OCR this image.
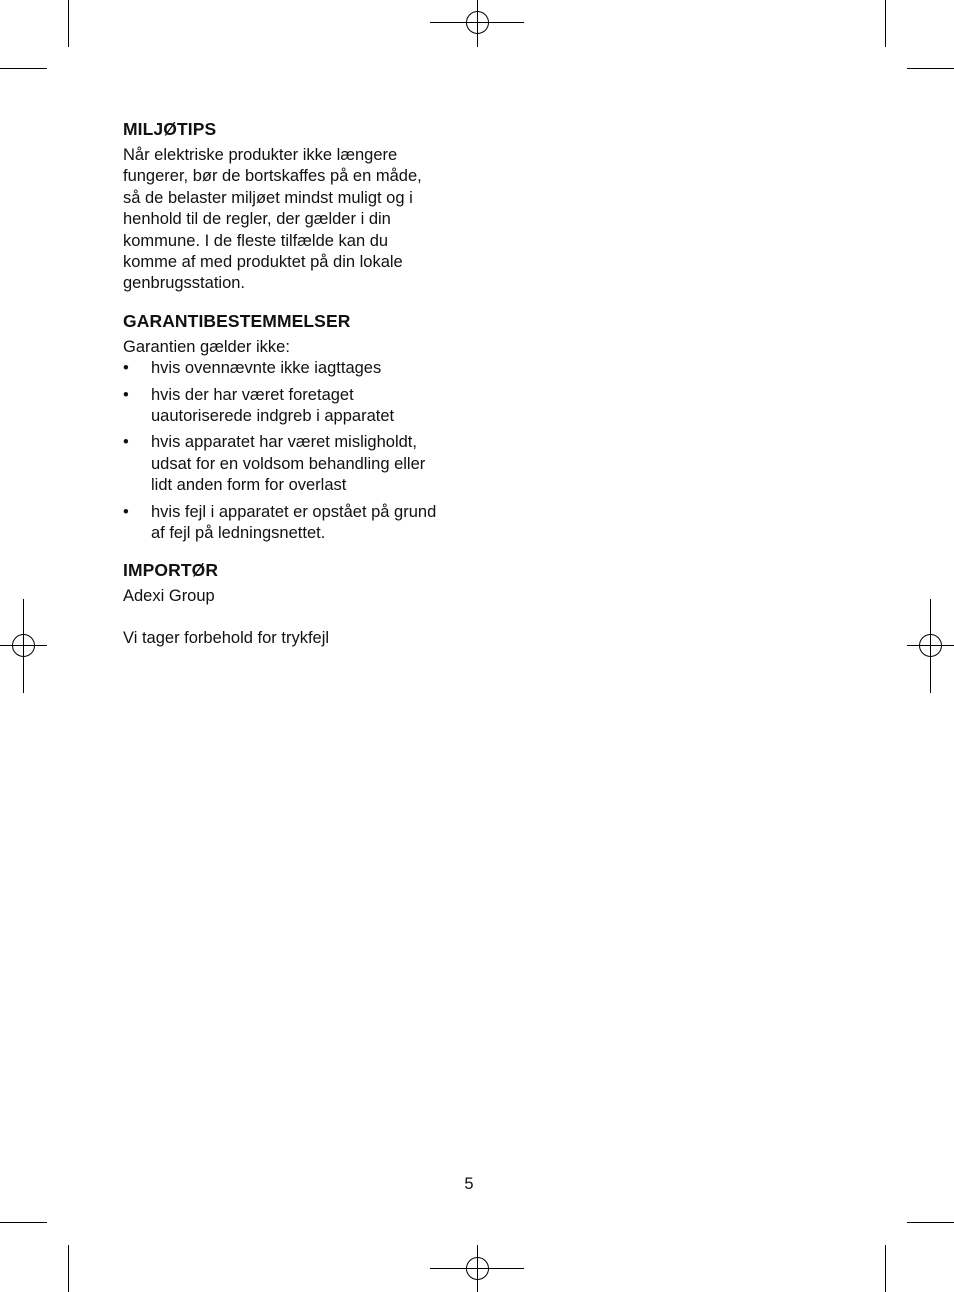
MILJØTIPS

Når elektriske produkter ikke længere
fungerer, bør de bortskaffes på en måde,
så de belaster miljøet mindst muligt og i
henhold til de regler, der gælder i din
kommune. I de fleste tilfælde kan du
komme af med produktet på din lokale
genbrugsstation.

GARANTIBESTEMMELSER

Garantien gælder ikke:

•	hvis ovennævnte ikke iagttages
•	hvis der har været foretaget
uautoriserede indgreb i apparatet
•	hvis apparatet har været misligholdt,
udsat for en voldsom behandling eller
lidt anden form for overlast
•	hvis fejl i apparatet er opstået på grund
af fejl på ledningsnettet.
IMPORTØR

Adexi Group

Vi tager forbehold for trykfejl

5
